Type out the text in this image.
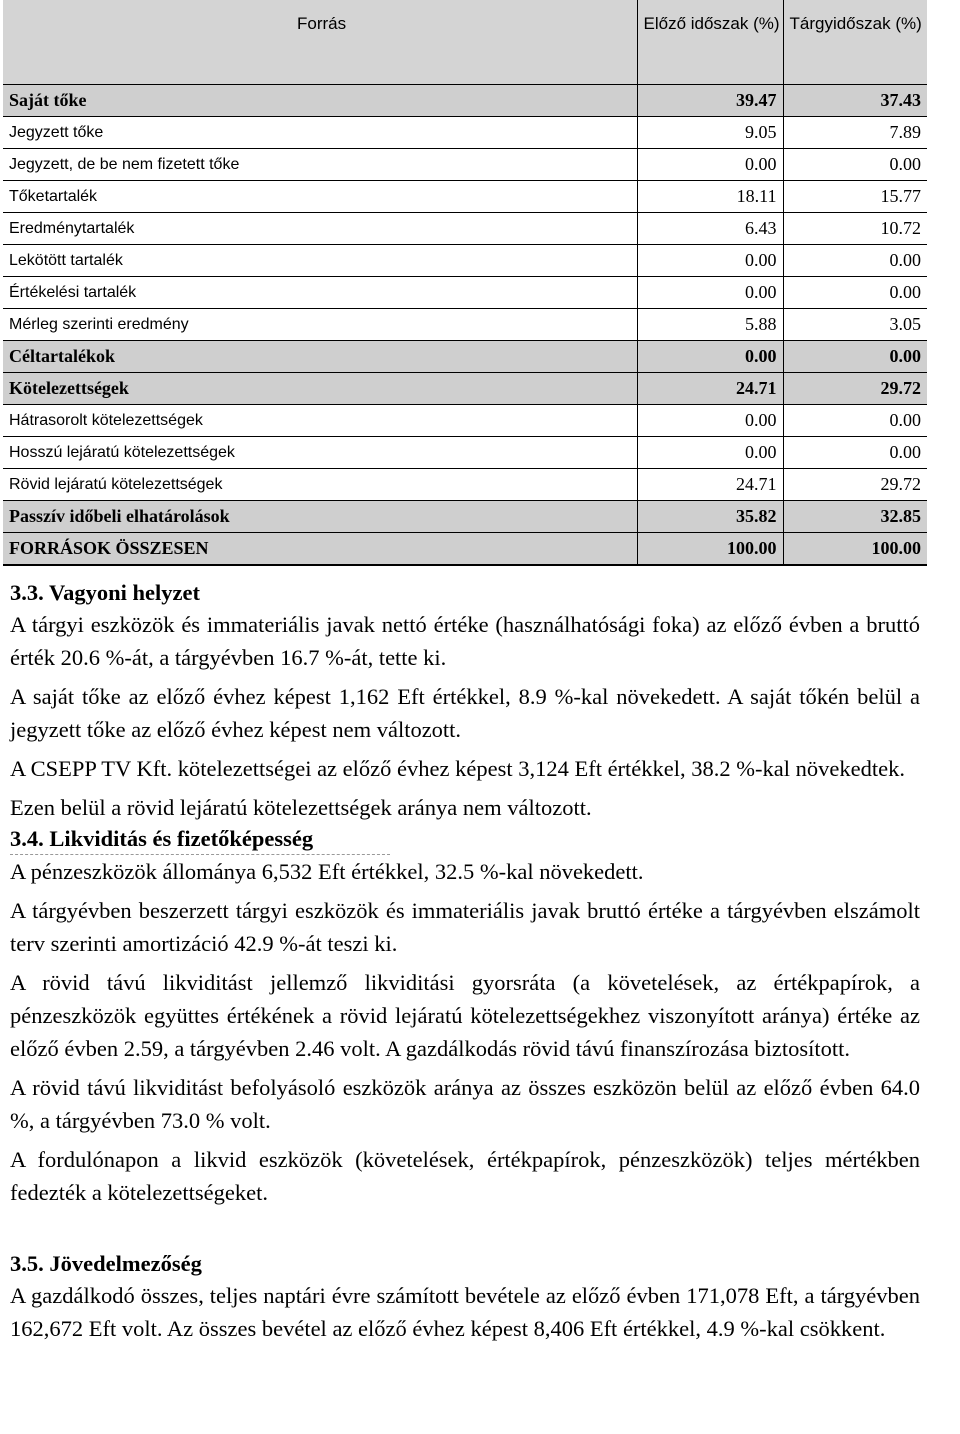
Forrás	Előző időszak (%)	Tárgyidőszak (%)
Saját tőke	39.47	37.43
Jegyzett tőke	9.05	7.89
Jegyzett, de be nem fizetett tőke	0.00	0.00
Tőketartalék	18.11	15.77
Eredménytartalék	6.43	10.72
Lekötött tartalék	0.00	0.00
Értékelési tartalék	0.00	0.00
Mérleg szerinti eredmény	5.88	3.05
Céltartalékok	0.00	0.00
Kötelezettségek	24.71	29.72
Hátrasorolt kötelezettségek	0.00	0.00
Hosszú lejáratú kötelezettségek	0.00	0.00
Rövid lejáratú kötelezettségek	24.71	29.72
Passzív időbeli elhatárolások	35.82	32.85
FORRÁSOK ÖSSZESEN	100.00	100.00
3.3. Vagyoni helyzet

A tárgyi eszközök és immateriális javak nettó értéke (használhatósági foka) az előző évben a bruttó érték 20.6 %-át, a tárgyévben 16.7 %-át, tette ki.

A saját tőke az előző évhez képest 1,162 Eft értékkel, 8.9 %-kal növekedett. A saját tőkén belül a jegyzett tőke az előző évhez képest nem változott.

A CSEPP TV Kft. kötelezettségei az előző évhez képest 3,124 Eft értékkel, 38.2 %-kal növekedtek.

Ezen belül a rövid lejáratú kötelezettségek aránya nem változott.

3.4. Likviditás és fizetőképesség

A pénzeszközök állománya 6,532 Eft értékkel, 32.5 %-kal növekedett.

A tárgyévben beszerzett tárgyi eszközök és immateriális javak bruttó értéke a tárgyévben elszámolt terv szerinti amortizáció 42.9 %-át teszi ki.

A rövid távú likviditást jellemző likviditási gyorsráta (a követelések, az értékpapírok, a pénzeszközök együttes értékének a rövid lejáratú kötelezettségekhez viszonyított aránya) értéke az előző évben 2.59, a tárgyévben 2.46 volt. A gazdálkodás rövid távú finanszírozása biztosított.

A rövid távú likviditást befolyásoló eszközök aránya az összes eszközön belül az előző évben 64.0 %, a tárgyévben 73.0 % volt.

A fordulónapon a likvid eszközök (követelések, értékpapírok, pénzeszközök) teljes mértékben fedezték a kötelezettségeket.

3.5. Jövedelmezőség

A gazdálkodó összes, teljes naptári évre számított bevétele az előző évben 171,078 Eft, a tárgyévben 162,672 Eft volt. Az összes bevétel az előző évhez képest 8,406 Eft értékkel, 4.9 %-kal csökkent.
